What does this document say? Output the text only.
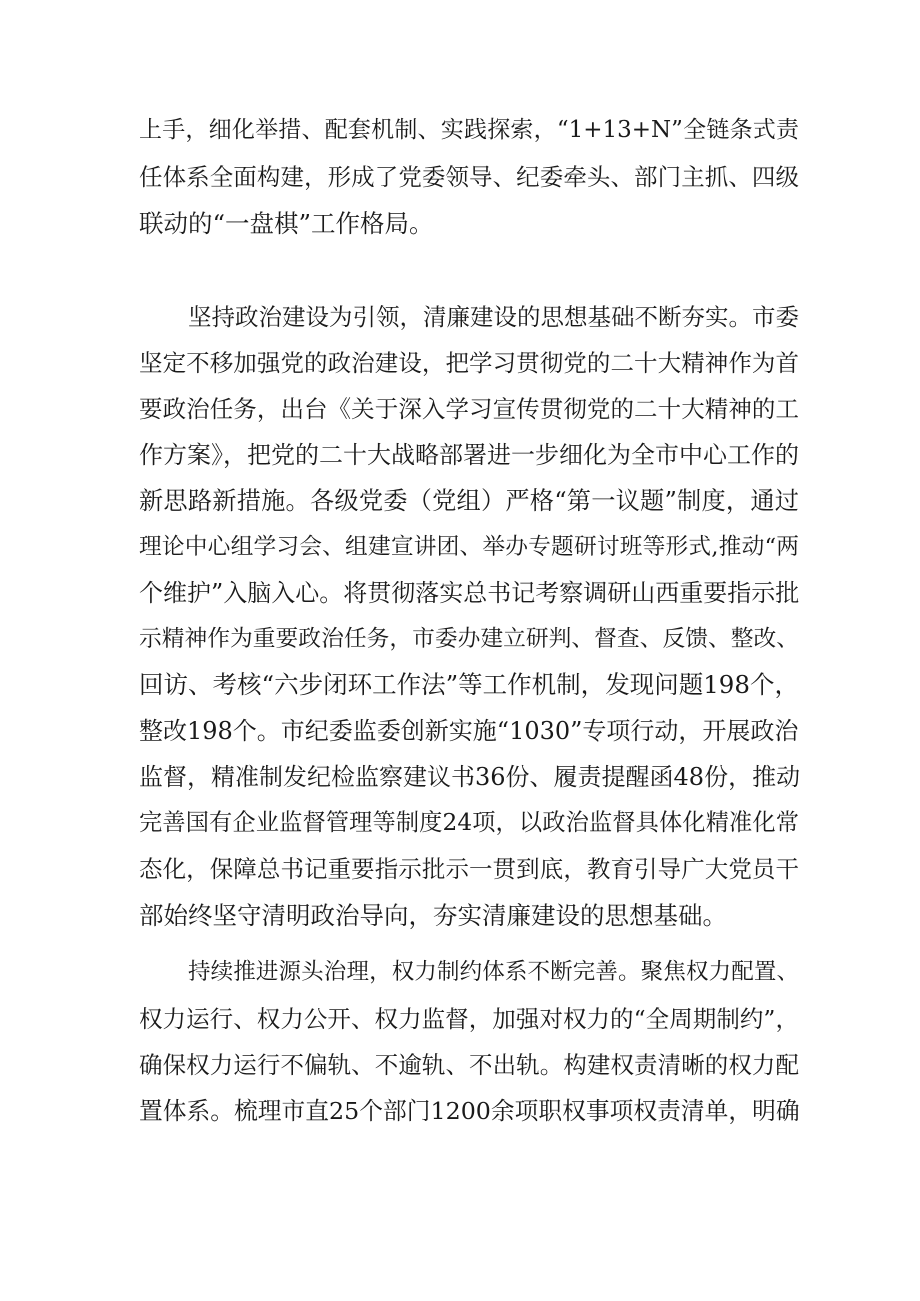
上手，细化举措、配套机制、实践探索，“1+13+N”全链条式责
任体系全面构建，形成了党委领导、纪委牵头、部门主抓、四级
联动的“一盘棋”工作格局。
坚持政治建设为引领，清廉建设的思想基础不断夯实。市委
坚定不移加强党的政治建设，把学习贯彻党的二十大精神作为首
要政治任务，出台《关于深入学习宣传贯彻党的二十大精神的工
作方案》，把党的二十大战略部署进一步细化为全市中心工作的
新思路新措施。各级党委（党组）严格“第一议题”制度，通过
理论中心组学习会、组建宣讲团、举办专题研讨班等形式,推动“两
个维护”入脑入心。将贯彻落实总书记考察调研山西重要指示批
示精神作为重要政治任务，市委办建立研判、督查、反馈、整改、
回访、考核“六步闭环工作法”等工作机制，发现问题198个，
整改198个。市纪委监委创新实施“1030”专项行动，开展政治
监督，精准制发纪检监察建议书36份、履责提醒函48份，推动
完善国有企业监督管理等制度24项，以政治监督具体化精准化常
态化，保障总书记重要指示批示一贯到底，教育引导广大党员干
部始终坚守清明政治导向，夯实清廉建设的思想基础。
持续推进源头治理，权力制约体系不断完善。聚焦权力配置、
权力运行、权力公开、权力监督，加强对权力的“全周期制约”，
确保权力运行不偏轨、不逾轨、不出轨。构建权责清晰的权力配
置体系。梳理市直25个部门1200余项职权事项权责清单，明确
